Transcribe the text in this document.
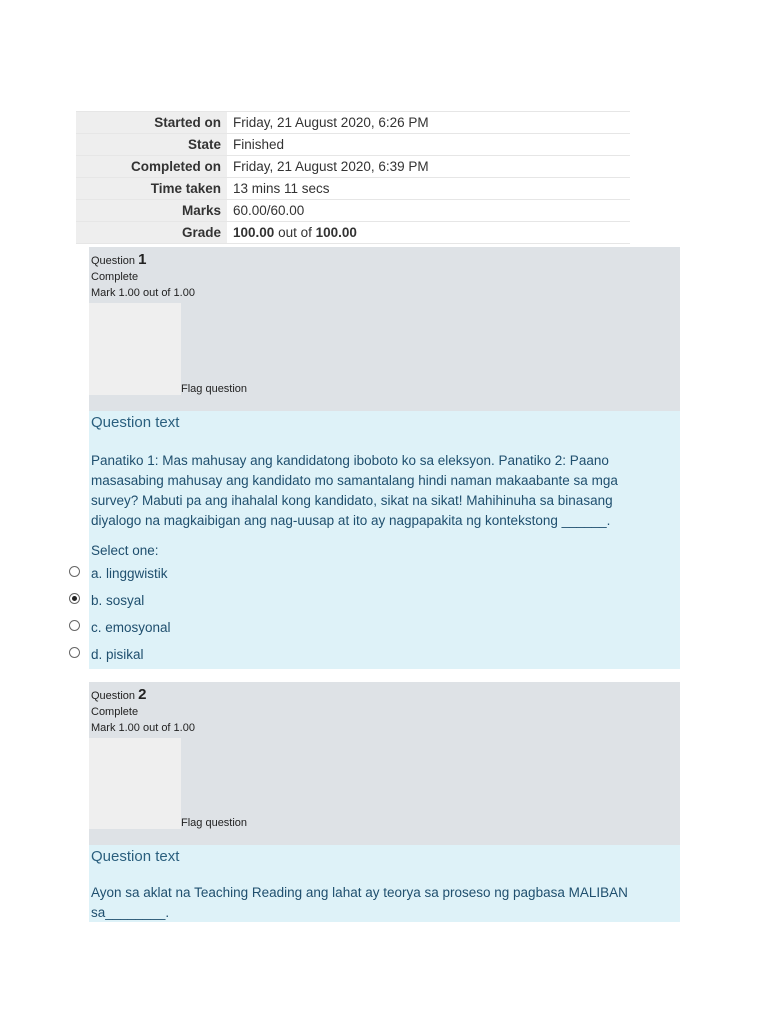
Started on	Friday, 21 August 2020, 6:26 PM
State	Finished
Completed on	Friday, 21 August 2020, 6:39 PM
Time taken	13 mins 11 secs
Marks	60.00/60.00
Grade	100.00 out of 100.00
Question 1
Complete
Mark 1.00 out of 1.00
Flag question
Question text
Panatiko 1: Mas mahusay ang kandidatong iboboto ko sa eleksyon. Panatiko 2: Paano masasabing mahusay ang kandidato mo samantalang hindi naman makaabante sa mga survey? Mabuti pa ang ihahalal kong kandidato, sikat na sikat! Mahihinuha sa binasang diyalogo na magkaibigan ang nag-uusap at ito ay nagpapakita ng kontekstong ______.
Select one:
a. linggwistik
b. sosyal
c. emosyonal
d. pisikal
Question 2
Complete
Mark 1.00 out of 1.00
Flag question
Question text
Ayon sa aklat na Teaching Reading ang lahat ay teorya sa proseso ng pagbasa MALIBAN sa________.
